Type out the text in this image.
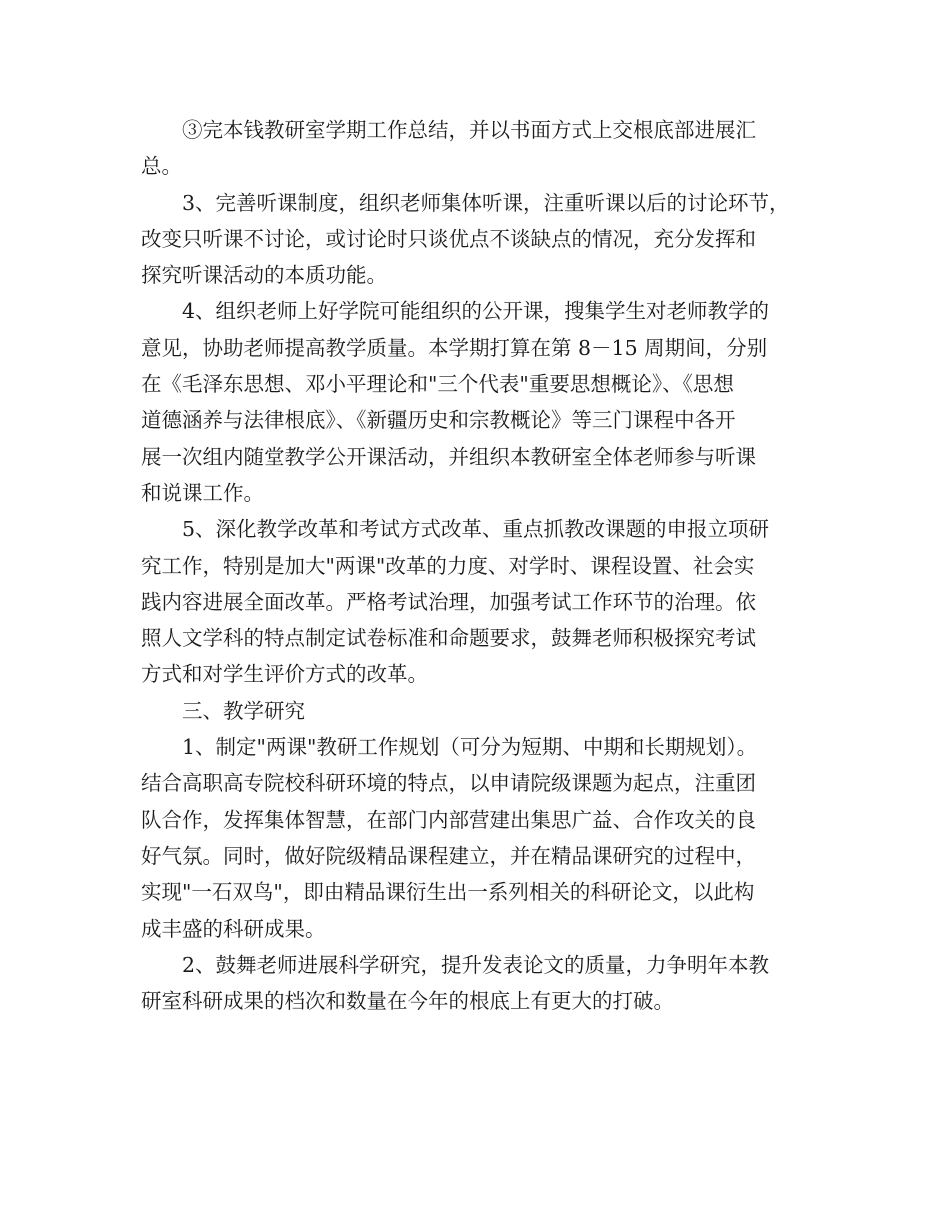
③完本钱教研室学期工作总结，并以书面方式上交根底部进展汇
总。
3、完善听课制度，组织老师集体听课，注重听课以后的讨论环节，
改变只听课不讨论，或讨论时只谈优点不谈缺点的情况，充分发挥和
探究听课活动的本质功能。
4、组织老师上好学院可能组织的公开课，搜集学生对老师教学的
意见，协助老师提高教学质量。本学期打算在第 8－15 周期间，分别
在《毛泽东思想、邓小平理论和"三个代表"重要思想概论》、《思想
道德涵养与法律根底》、《新疆历史和宗教概论》等三门课程中各开
展一次组内随堂教学公开课活动，并组织本教研室全体老师参与听课
和说课工作。
5、深化教学改革和考试方式改革、重点抓教改课题的申报立项研
究工作，特别是加大"两课"改革的力度、对学时、课程设置、社会实
践内容进展全面改革。严格考试治理，加强考试工作环节的治理。依
照人文学科的特点制定试卷标准和命题要求，鼓舞老师积极探究考试
方式和对学生评价方式的改革。
三、教学研究
1、制定"两课"教研工作规划（可分为短期、中期和长期规划）。
结合高职高专院校科研环境的特点，以申请院级课题为起点，注重团
队合作，发挥集体智慧，在部门内部营建出集思广益、合作攻关的良
好气氛。同时，做好院级精品课程建立，并在精品课研究的过程中，
实现"一石双鸟"，即由精品课衍生出一系列相关的科研论文，以此构
成丰盛的科研成果。
2、鼓舞老师进展科学研究，提升发表论文的质量，力争明年本教
研室科研成果的档次和数量在今年的根底上有更大的打破。
